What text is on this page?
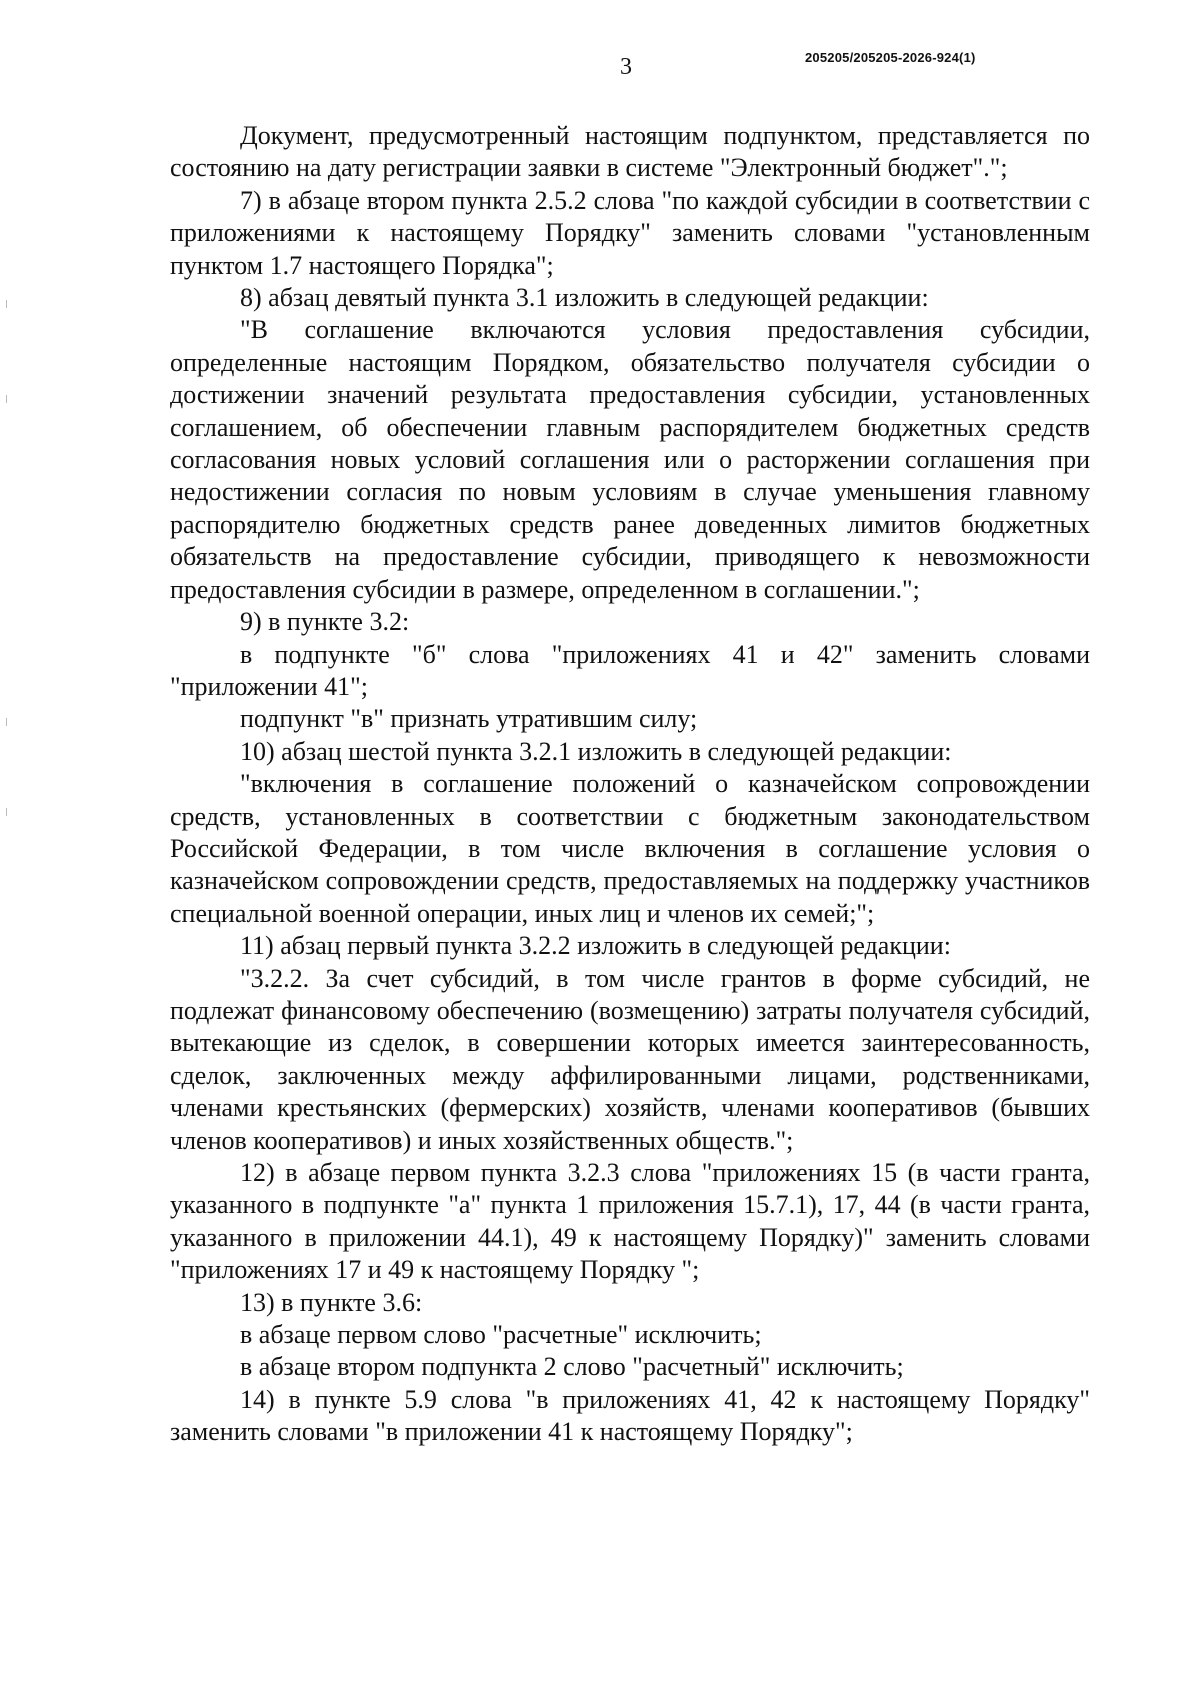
3	205205/205205-2026-924(1)

Документ, предусмотренный настоящим подпунктом, представляется по состоянию на дату регистрации заявки в системе "Электронный бюджет".";

7) в абзаце втором пункта 2.5.2 слова "по каждой субсидии в соответствии с приложениями к настоящему Порядку" заменить словами "установленным пунктом 1.7 настоящего Порядка";

8) абзац девятый пункта 3.1 изложить в следующей редакции:

"В соглашение включаются условия предоставления субсидии, определенные настоящим Порядком, обязательство получателя субсидии о достижении значений результата предоставления субсидии, установленных соглашением, об обеспечении главным распорядителем бюджетных средств согласования новых условий соглашения или о расторжении соглашения при недостижении согласия по новым условиям в случае уменьшения главному распорядителю бюджетных средств ранее доведенных лимитов бюджетных обязательств на предоставление субсидии, приводящего к невозможности предоставления субсидии в размере, определенном в соглашении.";

9) в пункте 3.2:

в подпункте "б" слова "приложениях 41 и 42" заменить словами "приложении 41";

подпункт "в" признать утратившим силу;

10) абзац шестой пункта 3.2.1 изложить в следующей редакции:

"включения в соглашение положений о казначейском сопровождении средств, установленных в соответствии с бюджетным законодательством Российской Федерации, в том числе включения в соглашение условия о казначейском сопровождении средств, предоставляемых на поддержку участников специальной военной операции, иных лиц и членов их семей;";

11) абзац первый пункта 3.2.2 изложить в следующей редакции:

"3.2.2. За счет субсидий, в том числе грантов в форме субсидий, не подлежат финансовому обеспечению (возмещению) затраты получателя субсидий, вытекающие из сделок, в совершении которых имеется заинтересованность, сделок, заключенных между аффилированными лицами, родственниками, членами крестьянских (фермерских) хозяйств, членами кооперативов (бывших членов кооперативов) и иных хозяйственных обществ.";

12) в абзаце первом пункта 3.2.3 слова "приложениях 15 (в части гранта, указанного в подпункте "а" пункта 1 приложения 15.7.1), 17, 44 (в части гранта, указанного в приложении 44.1), 49 к настоящему Порядку)" заменить словами "приложениях 17 и 49 к настоящему Порядку ";

13) в пункте 3.6:

в абзаце первом слово "расчетные" исключить;

в абзаце втором подпункта 2 слово "расчетный" исключить;

14) в пункте 5.9 слова "в приложениях 41, 42 к настоящему Порядку" заменить словами "в приложении 41 к настоящему Порядку";
